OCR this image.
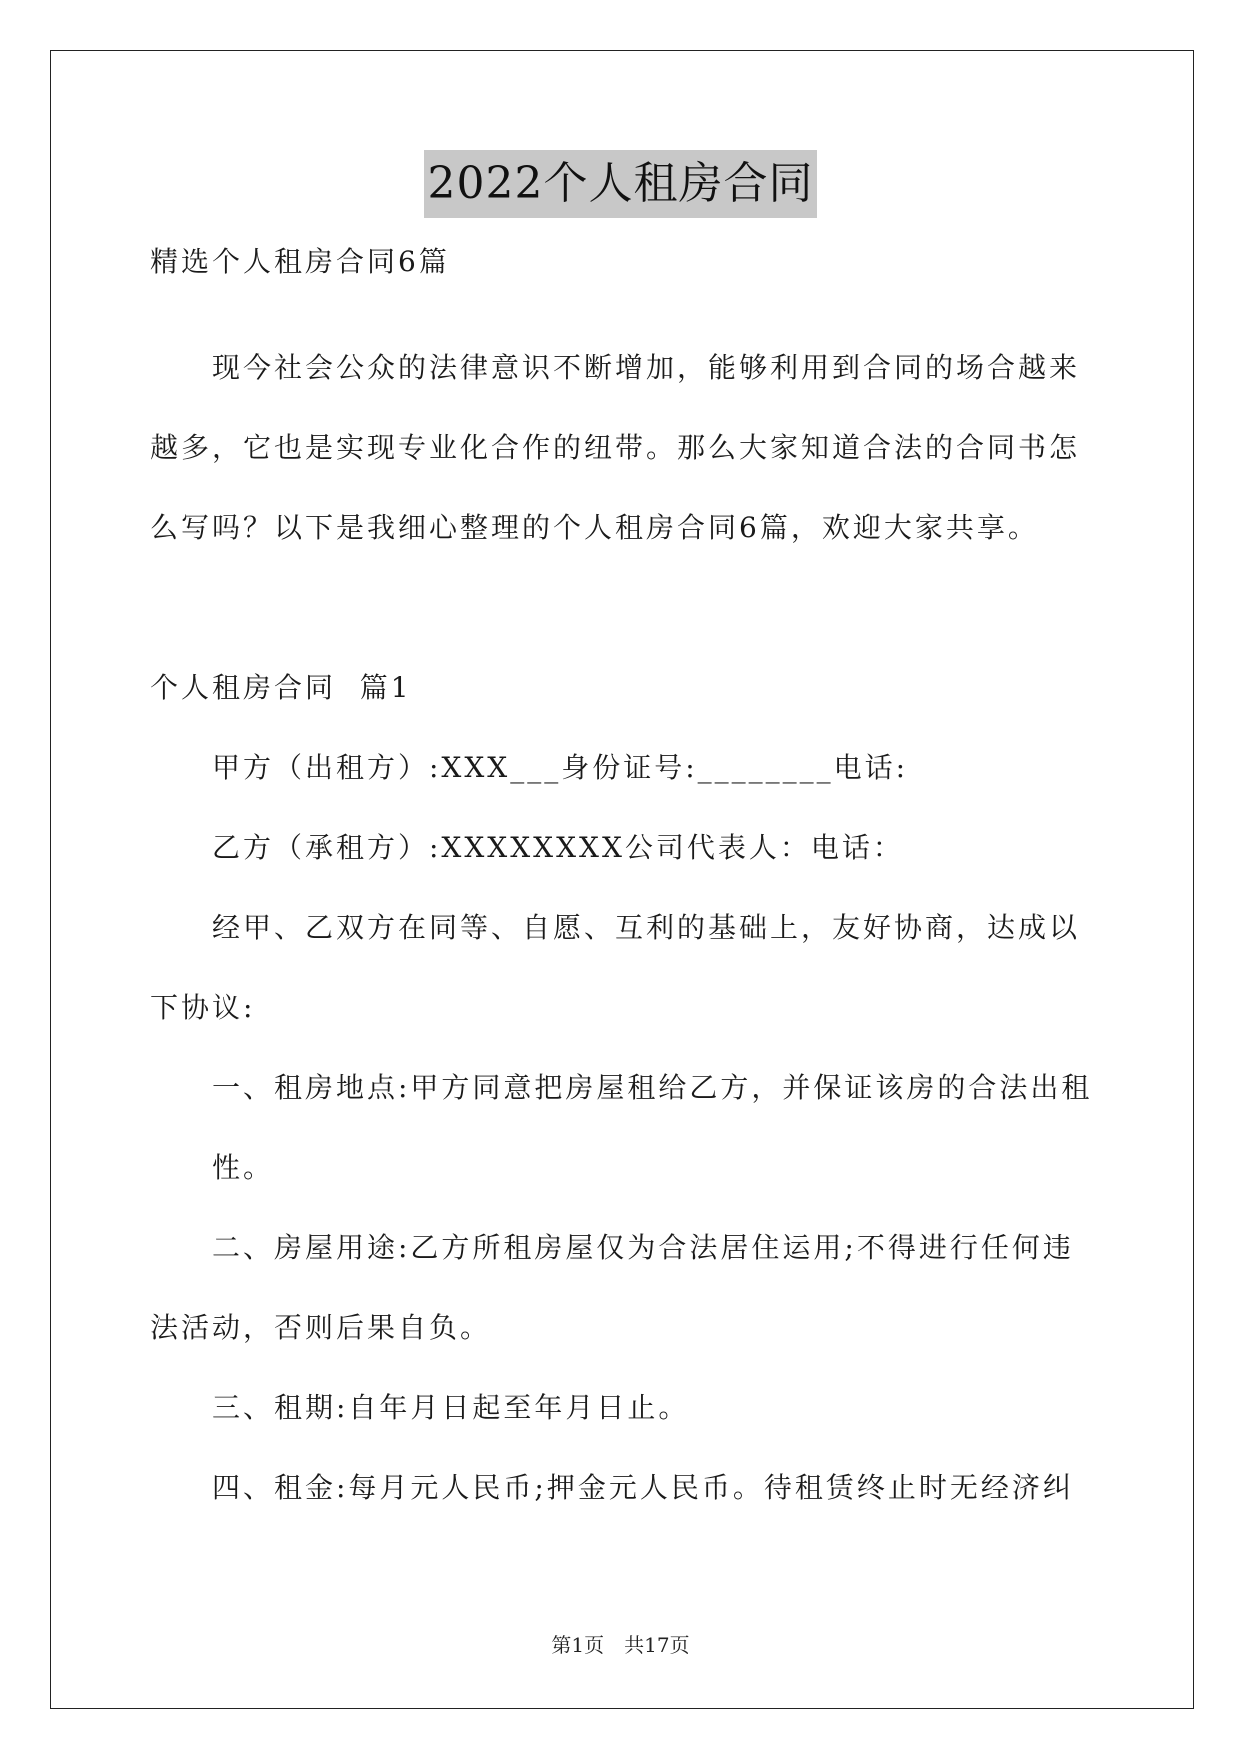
2022个人租房合同
精选个人租房合同6篇
现今社会公众的法律意识不断增加，能够利用到合同的场合越来
越多，它也是实现专业化合作的纽带。那么大家知道合法的合同书怎
么写吗？以下是我细心整理的个人租房合同6篇，欢迎大家共享。
个人租房合同  篇1
甲方（出租方）:XXX___身份证号:________电话:
乙方（承租方）:XXXXXXXX公司代表人：电话：
经甲、乙双方在同等、自愿、互利的基础上，友好协商，达成以
下协议:
一、租房地点:甲方同意把房屋租给乙方，并保证该房的合法出租
性。
二、房屋用途:乙方所租房屋仅为合法居住运用;不得进行任何违
法活动，否则后果自负。
三、租期:自年月日起至年月日止。
四、租金:每月元人民币;押金元人民币。待租赁终止时无经济纠
第1页　共17页
